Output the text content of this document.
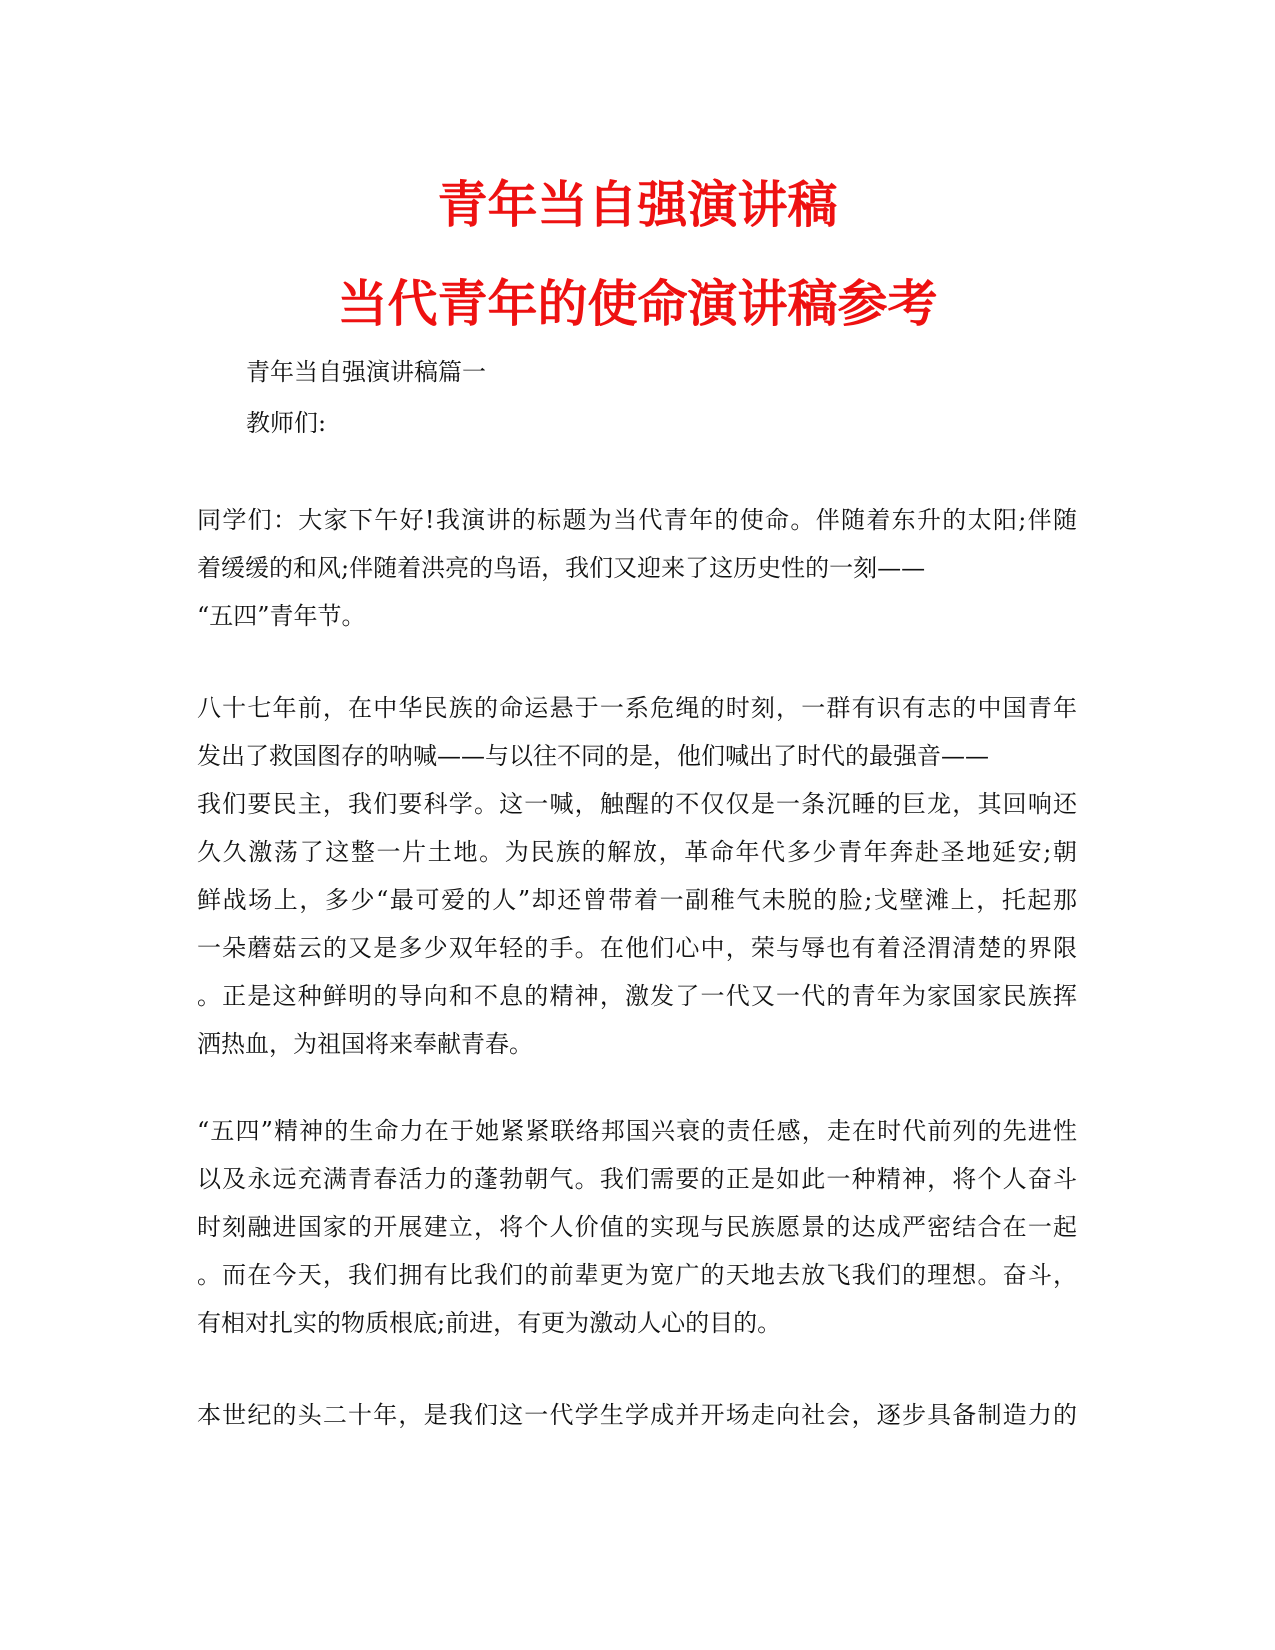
青年当自强演讲稿
当代青年的使命演讲稿参考
青年当自强演讲稿篇一
教师们:
同学们：大家下午好!我演讲的标题为当代青年的使命。伴随着东升的太阳;伴随
着缓缓的和风;伴随着洪亮的鸟语，我们又迎来了这历史性的一刻——
“五四”青年节。
八十七年前，在中华民族的命运悬于一系危绳的时刻，一群有识有志的中国青年
发出了救国图存的呐喊——与以往不同的是，他们喊出了时代的最强音——
我们要民主，我们要科学。这一喊，触醒的不仅仅是一条沉睡的巨龙，其回响还
久久激荡了这整一片土地。为民族的解放，革命年代多少青年奔赴圣地延安;朝
鲜战场上，多少“最可爱的人”却还曾带着一副稚气未脱的脸;戈壁滩上，托起那
一朵蘑菇云的又是多少双年轻的手。在他们心中，荣与辱也有着泾渭清楚的界限
。正是这种鲜明的导向和不息的精神，激发了一代又一代的青年为家国家民族挥
洒热血，为祖国将来奉献青春。
“五四”精神的生命力在于她紧紧联络邦国兴衰的责任感，走在时代前列的先进性
以及永远充满青春活力的蓬勃朝气。我们需要的正是如此一种精神，将个人奋斗
时刻融进国家的开展建立，将个人价值的实现与民族愿景的达成严密结合在一起
。而在今天，我们拥有比我们的前辈更为宽广的天地去放飞我们的理想。奋斗，
有相对扎实的物质根底;前进，有更为激动人心的目的。
本世纪的头二十年，是我们这一代学生学成并开场走向社会，逐步具备制造力的
